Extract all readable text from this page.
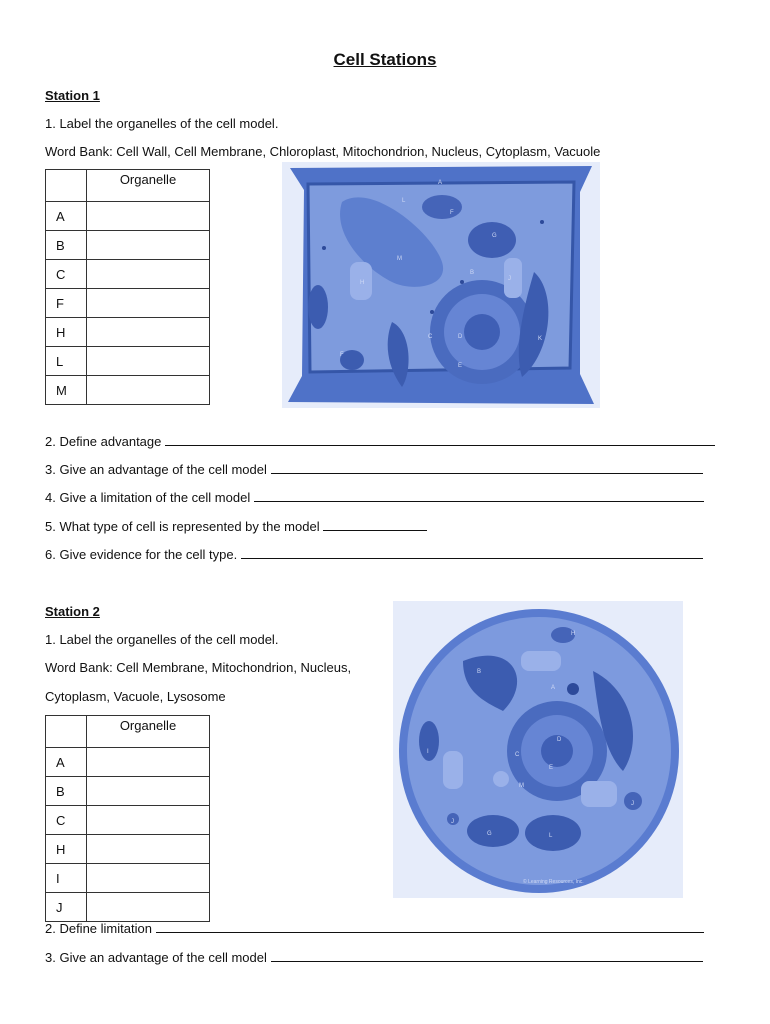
Cell Stations
Station 1
1. Label the organelles of the cell model.
Word Bank: Cell Wall, Cell Membrane, Chloroplast, Mitochondrion, Nucleus, Cytoplasm, Vacuole
	Organelle
A	
B	
C	
F	
H	
L	
M	
A
L
F
G
M
B
H
C	D
E
K
J
F
2. Define advantage
3. Give an advantage of the cell model
4. Give a limitation of the cell model
5. What type of cell is represented by the model
6. Give evidence for the cell type.
Station 2
1. Label the organelles of the cell model.
Word Bank: Cell Membrane, Mitochondrion, Nucleus,
Cytoplasm, Vacuole, Lysosome
	Organelle
A	
B	
C	
H	
I	
J	
H
B
A
D
C
E
I
M
J
J
G	L
© Learning Resources, Inc.
2. Define limitation
3. Give an advantage of the cell model
